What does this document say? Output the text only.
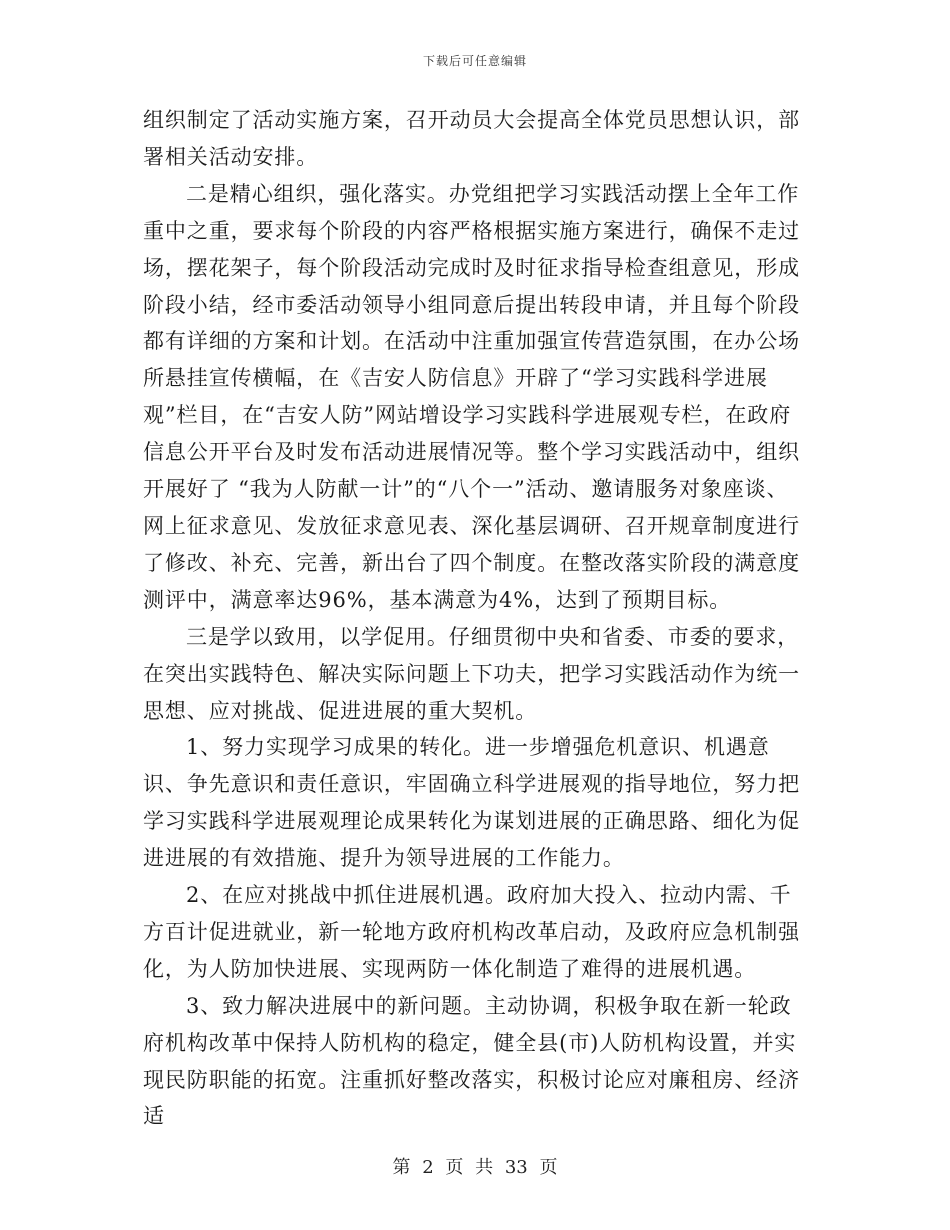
下载后可任意编辑

组织制定了活动实施方案，召开动员大会提高全体党员思想认识，部署相关活动安排。

二是精心组织，强化落实。办党组把学习实践活动摆上全年工作重中之重，要求每个阶段的内容严格根据实施方案进行，确保不走过场，摆花架子，每个阶段活动完成时及时征求指导检查组意见，形成阶段小结，经市委活动领导小组同意后提出转段申请，并且每个阶段都有详细的方案和计划。在活动中注重加强宣传营造氛围，在办公场所悬挂宣传横幅，在《吉安人防信息》开辟了“学习实践科学进展观”栏目，在“吉安人防”网站增设学习实践科学进展观专栏，在政府信息公开平台及时发布活动进展情况等。整个学习实践活动中，组织开展好了 “我为人防献一计”的“八个一”活动、邀请服务对象座谈、网上征求意见、发放征求意见表、深化基层调研、召开规章制度进行了修改、补充、完善，新出台了四个制度。在整改落实阶段的满意度测评中，满意率达96%，基本满意为4%，达到了预期目标。

三是学以致用，以学促用。仔细贯彻中央和省委、市委的要求，在突出实践特色、解决实际问题上下功夫，把学习实践活动作为统一思想、应对挑战、促进进展的重大契机。

1、努力实现学习成果的转化。进一步增强危机意识、机遇意识、争先意识和责任意识，牢固确立科学进展观的指导地位，努力把学习实践科学进展观理论成果转化为谋划进展的正确思路、细化为促进进展的有效措施、提升为领导进展的工作能力。

2、在应对挑战中抓住进展机遇。政府加大投入、拉动内需、千方百计促进就业，新一轮地方政府机构改革启动，及政府应急机制强化，为人防加快进展、实现两防一体化制造了难得的进展机遇。

3、致力解决进展中的新问题。主动协调，积极争取在新一轮政府机构改革中保持人防机构的稳定，健全县(市)人防机构设置，并实现民防职能的拓宽。注重抓好整改落实，积极讨论应对廉租房、经济适

第 2 页 共 33 页
